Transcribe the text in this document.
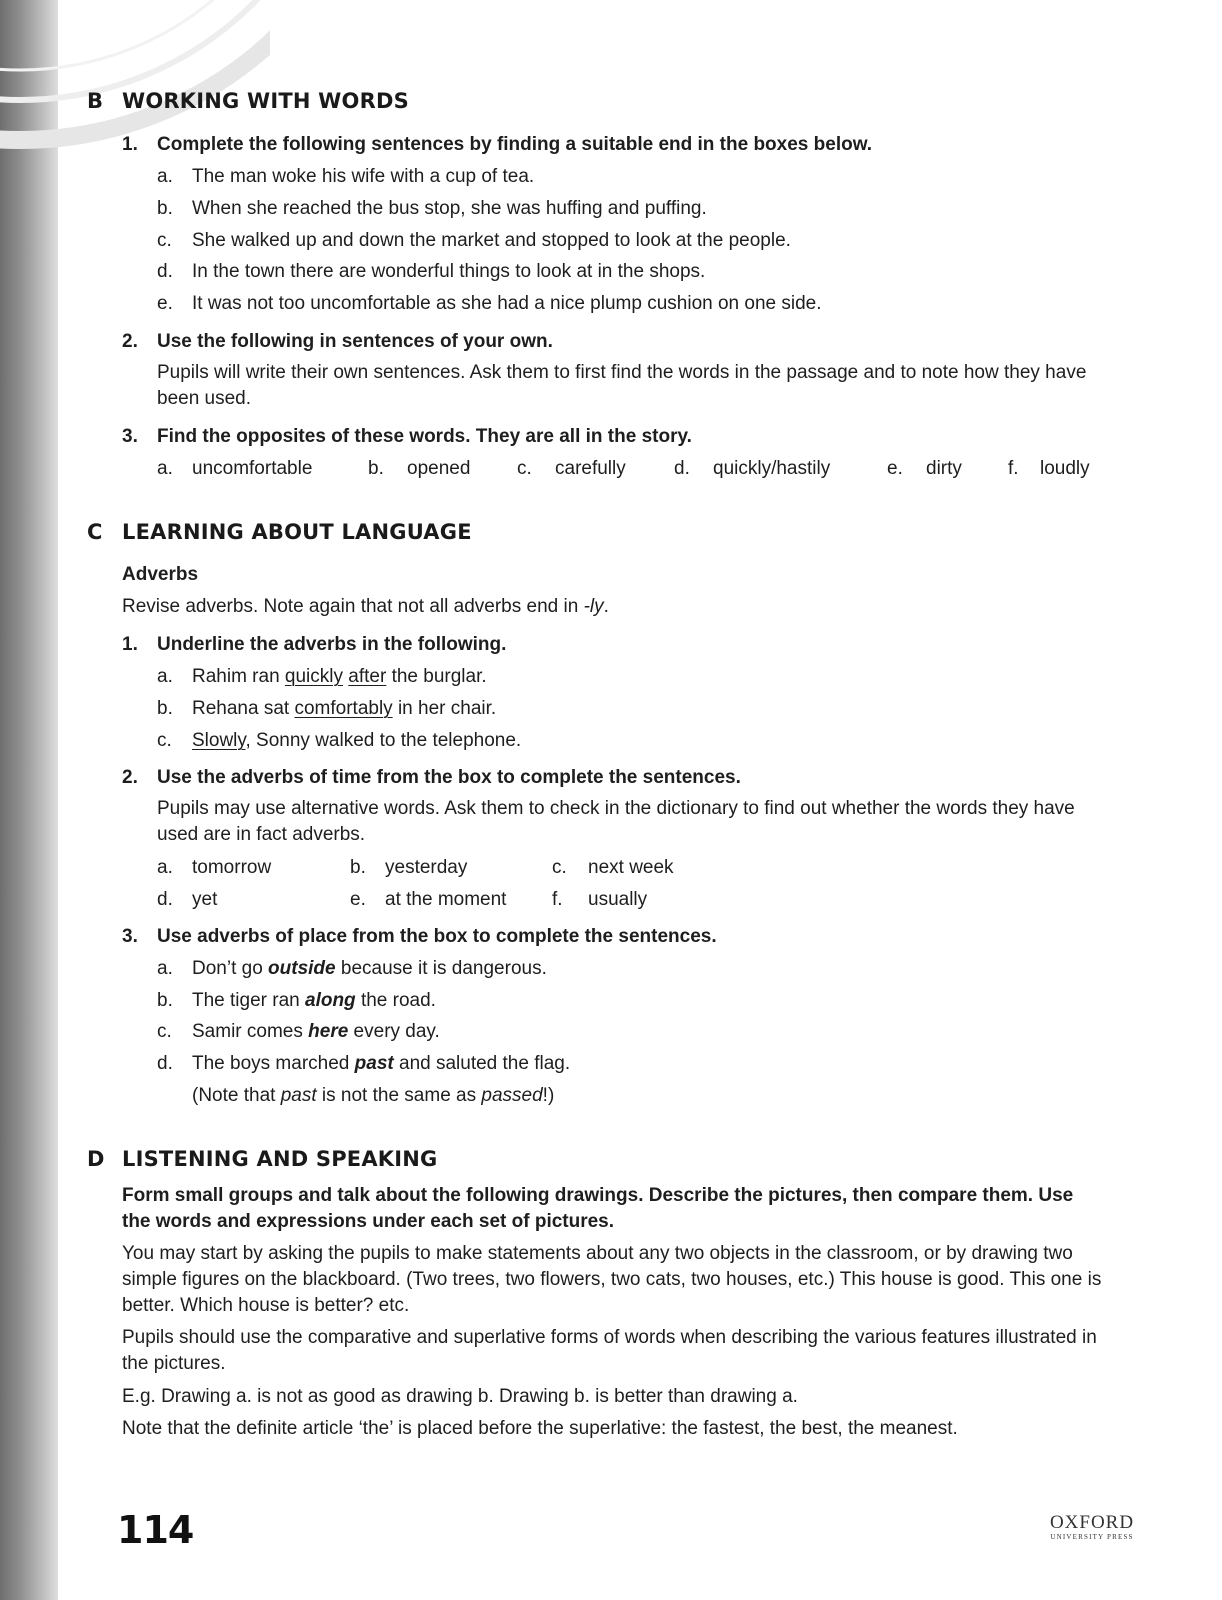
B WORKING WITH WORDS
1. Complete the following sentences by finding a suitable end in the boxes below.
a. The man woke his wife with a cup of tea.
b. When she reached the bus stop, she was huffing and puffing.
c. She walked up and down the market and stopped to look at the people.
d. In the town there are wonderful things to look at in the shops.
e. It was not too uncomfortable as she had a nice plump cushion on one side.
2. Use the following in sentences of your own.
Pupils will write their own sentences. Ask them to first find the words in the passage and to note how they have been used.
3. Find the opposites of these words. They are all in the story.
a. uncomfortable	b. opened c. carefully	d. quickly/hastily	e. dirty f. loudly
C LEARNING ABOUT LANGUAGE
Adverbs
Revise adverbs. Note again that not all adverbs end in -ly.
1. Underline the adverbs in the following.
a. Rahim ran quickly after the burglar.
b. Rehana sat comfortably in her chair.
c. Slowly, Sonny walked to the telephone.
2. Use the adverbs of time from the box to complete the sentences.
Pupils may use alternative words. Ask them to check in the dictionary to find out whether the words they have used are in fact adverbs.
a. tomorrow	b. yesterday	c. next week
d. yet	e. at the moment f. usually
3. Use adverbs of place from the box to complete the sentences.
a. Don’t go outside because it is dangerous.
b. The tiger ran along the road.
c. Samir comes here every day.
d. The boys marched past and saluted the flag.
(Note that past is not the same as passed!)
D LISTENING AND SPEAKING
Form small groups and talk about the following drawings. Describe the pictures, then compare them. Use the words and expressions under each set of pictures.
You may start by asking the pupils to make statements about any two objects in the classroom, or by drawing two simple figures on the blackboard. (Two trees, two flowers, two cats, two houses, etc.) This house is good. This one is better. Which house is better? etc.
Pupils should use the comparative and superlative forms of words when describing the various features illustrated in the pictures.
E.g. Drawing a. is not as good as drawing b. Drawing b. is better than drawing a.
Note that the definite article ‘the’ is placed before the superlative: the fastest, the best, the meanest.
114	OXFORD
UNIVERSITY PRESS
